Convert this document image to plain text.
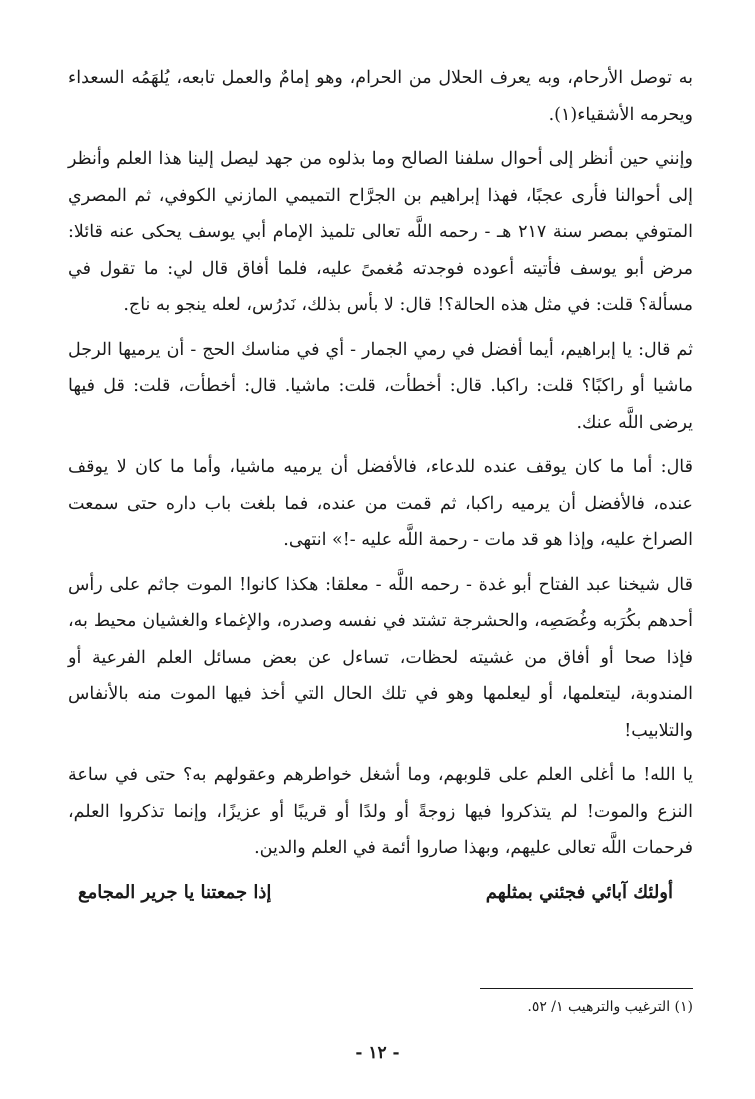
به توصل الأرحام، وبه يعرف الحلال من الحرام، وهو إمامٌ والعمل تابعه، يُلهَمُه السعداء ويحرمه الأشقياء(١).

وإنني حين أنظر إلى أحوال سلفنا الصالح وما بذلوه من جهد ليصل إلينا هذا العلم وأنظر إلى أحوالنا فأرى عجبًا، فهذا إبراهيم بن الجرَّاح التميمي المازني الكوفي، ثم المصري المتوفي بمصر سنة ٢١٧ هـ - رحمه اللَّه تعالى تلميذ الإمام أبي يوسف يحكى عنه قائلا: مرض أبو يوسف فأتيته أعوده فوجدته مُغمىً عليه، فلما أفاق قال لي: ما تقول في مسألة؟ قلت: في مثل هذه الحالة؟! قال: لا بأس بذلك، نَدرُس، لعله ينجو به ناج.

ثم قال: يا إبراهيم، أيما أفضل في رمي الجمار - أي في مناسك الحج - أن يرميها الرجل ماشيا أو راكبًا؟ قلت: راكبا. قال: أخطأت، قلت: ماشيا. قال: أخطأت، قلت: قل فيها يرضى اللَّه عنك.

قال: أما ما كان يوقف عنده للدعاء، فالأفضل أن يرميه ماشيا، وأما ما كان لا يوقف عنده، فالأفضل أن يرميه راكبا، ثم قمت من عنده، فما بلغت باب داره حتى سمعت الصراخ عليه، وإذا هو قد مات - رحمة اللَّه عليه -!» انتهى.

قال شيخنا عبد الفتاح أبو غدة - رحمه اللَّه - معلقا: هكذا كانوا! الموت جاثم على رأس أحدهم بكُرَبه وغُصَصِه، والحشرجة تشتد في نفسه وصدره، والإغماء والغشيان محيط به، فإذا صحا أو أفاق من غشيته لحظات، تساءل عن بعض مسائل العلم الفرعية أو المندوبة، ليتعلمها، أو ليعلمها وهو في تلك الحال التي أخذ فيها الموت منه بالأنفاس والتلابيب!

يا الله! ما أغلى العلم على قلوبهم، وما أشغل خواطرهم وعقولهم به؟ حتى في ساعة النزع والموت! لم يتذكروا فيها زوجةً أو ولدًا أو قريبًا أو عزيزًا، وإنما تذكروا العلم، فرحمات اللَّه تعالى عليهم، وبهذا صاروا أئمة في العلم والدين.

أولئك آبائي فجئني بمثلهم
إذا جمعتنا يا جرير المجامع
(١) الترغيب والترهيب ١/ ٥٢.
- ١٢ -
